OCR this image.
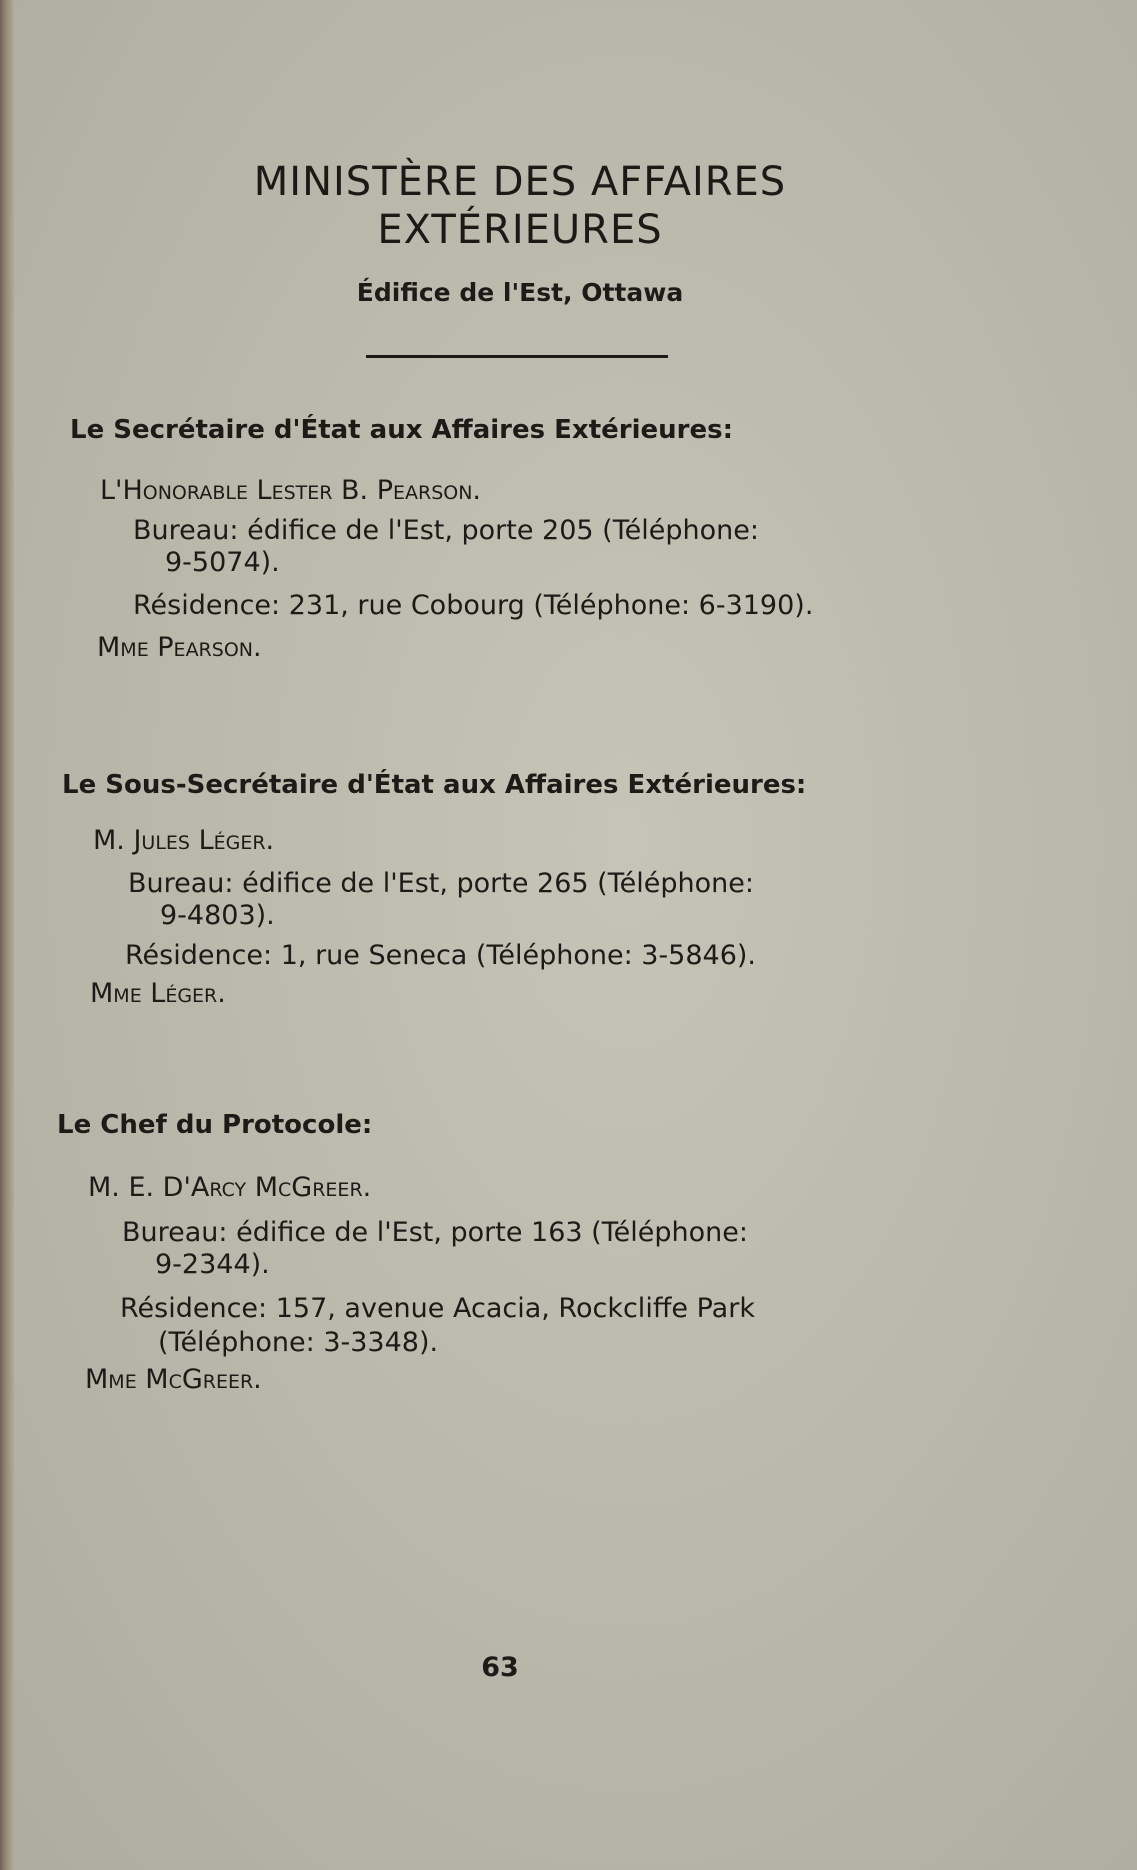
MINISTÈRE DES AFFAIRES
EXTÉRIEURES
Édifice de l'Est, Ottawa
Le Secrétaire d'État aux Affaires Extérieures:
L'Honorable Lester B. Pearson.
Bureau: édifice de l'Est, porte 205 (Téléphone:
9-5074).
Résidence: 231, rue Cobourg (Téléphone: 6-3190).
Mme Pearson.
Le Sous-Secrétaire d'État aux Affaires Extérieures:
M. Jules Léger.
Bureau: édifice de l'Est, porte 265 (Téléphone:
9-4803).
Résidence: 1, rue Seneca (Téléphone: 3-5846).
Mme Léger.
Le Chef du Protocole:
M. E. D'Arcy McGreer.
Bureau: édifice de l'Est, porte 163 (Téléphone:
9-2344).
Résidence: 157, avenue Acacia, Rockcliffe Park
(Téléphone: 3-3348).
Mme McGreer.
63
